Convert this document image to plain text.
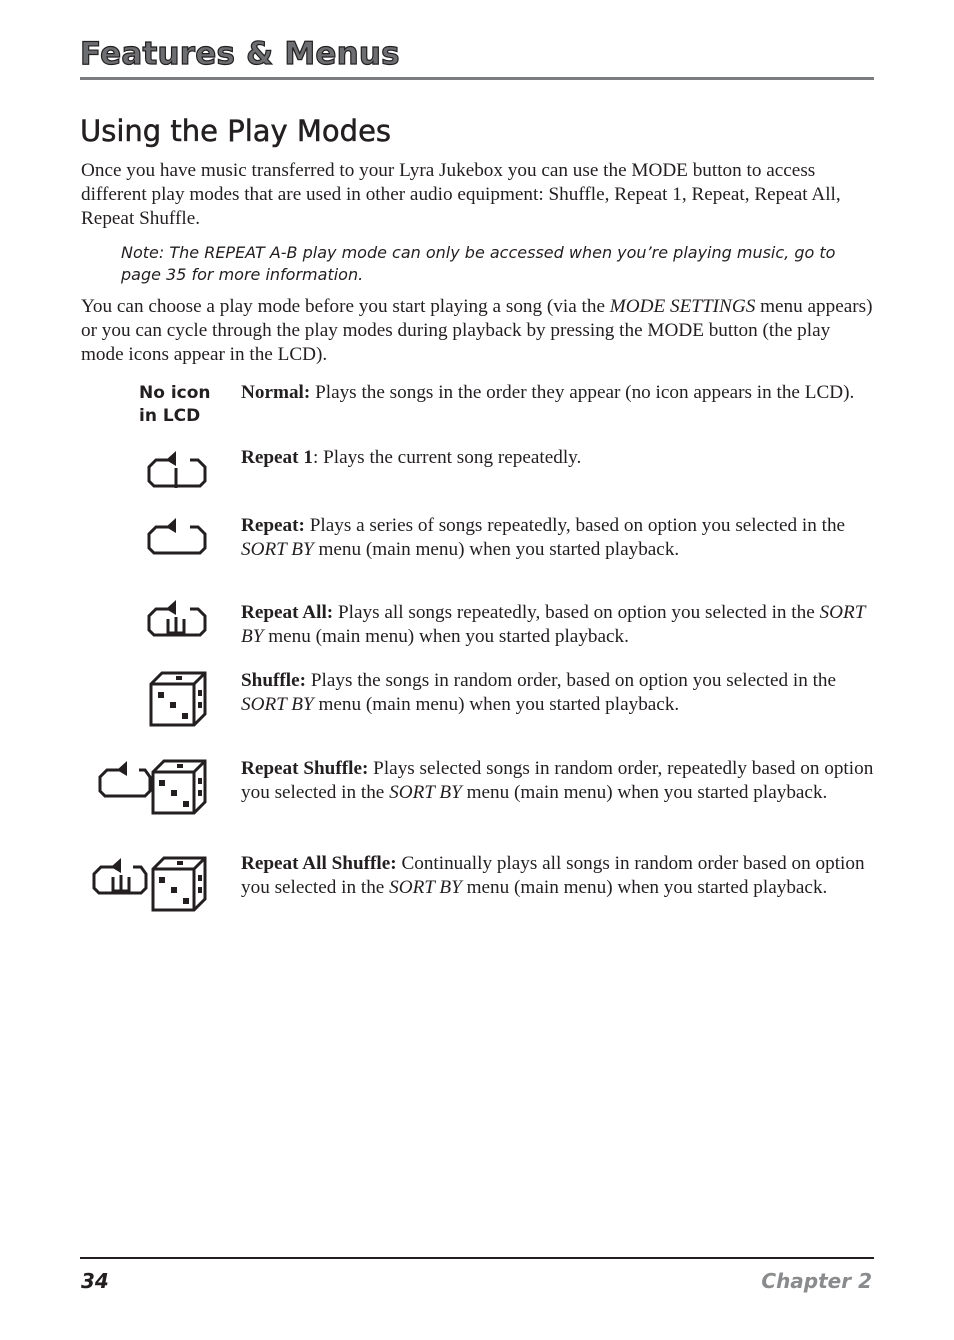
Features & Menus
Using the Play Modes
Once you have music transferred to your Lyra Jukebox you can use the MODE button to access different play modes that are used in other audio equipment: Shuffle, Repeat 1, Repeat, Repeat All, Repeat Shuffle.
Note: The REPEAT A-B play mode can only be accessed when you’re playing music, go to page 35 for more information.
You can choose a play mode before you start playing a song (via the MODE SETTINGS menu appears) or you can cycle through the play modes during playback by pressing the MODE button (the play mode icons appear in the LCD).
No icon in LCD
Normal: Plays the songs in the order they appear (no icon appears in the LCD).
Repeat 1: Plays the current song repeatedly.
Repeat: Plays a series of songs repeatedly, based on option you selected in the SORT BY menu (main menu) when you started playback.
Repeat All: Plays all songs repeatedly, based on option you selected in the SORT BY menu (main menu) when you started playback.
Shuffle: Plays the songs in random order, based on option you selected in the SORT BY menu (main menu) when you started playback.
Repeat Shuffle: Plays selected songs in random order, repeatedly based on option you selected in the SORT BY menu (main menu) when you started playback.
Repeat All Shuffle: Continually plays all songs in random order based on option you selected in the SORT BY menu (main menu) when you started playback.
34	Chapter 2
